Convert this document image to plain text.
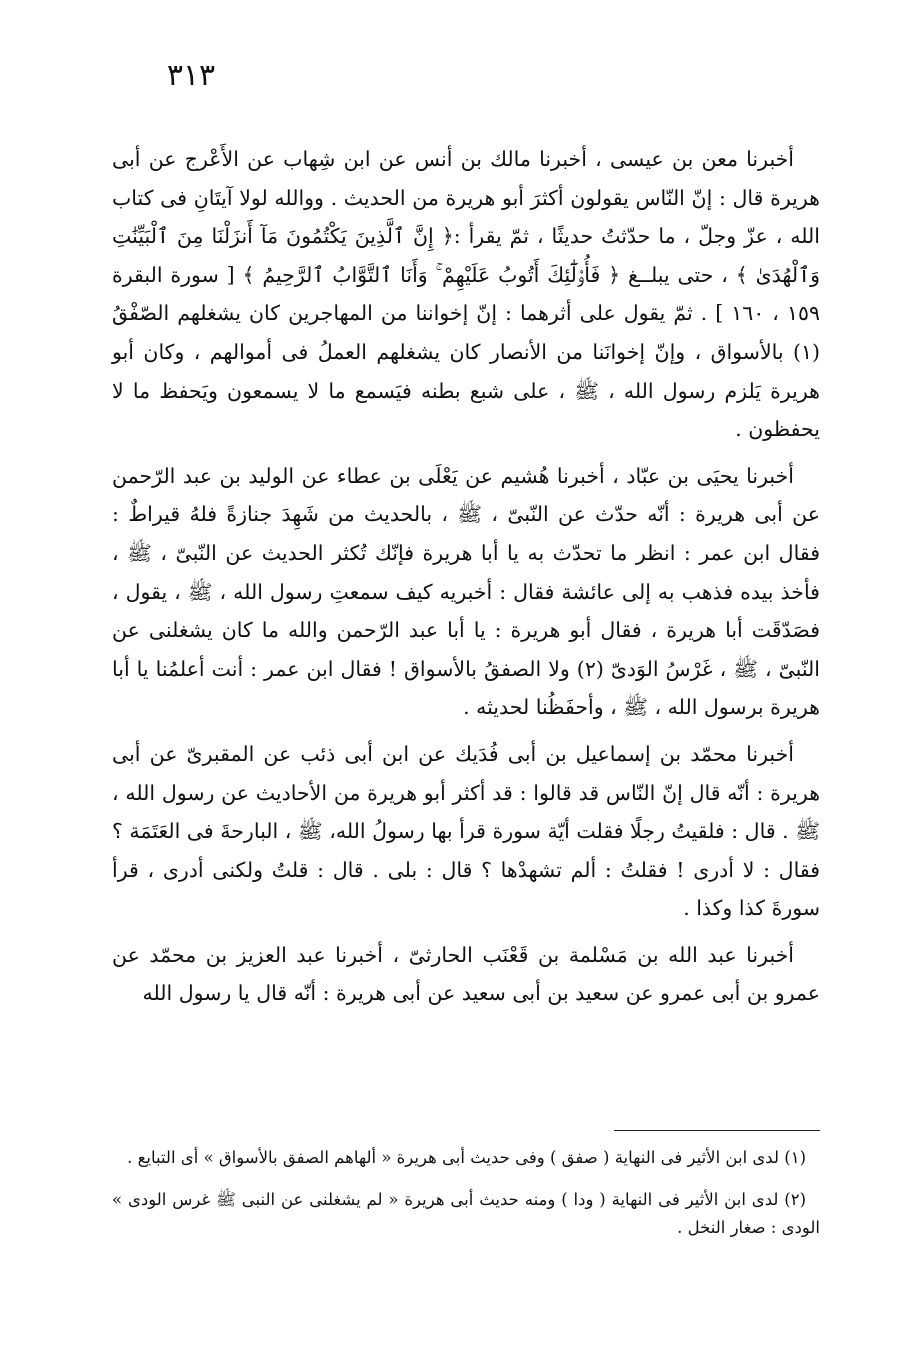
٣١٣

أخبرنا معن بن عيسى ، أخبرنا مالك بن أنس عن ابن شِهاب عن الأَعْرج عن أبى هريرة قال : إنّ النّاس يقولون أكثرَ أبو هريرة من الحديث . ووالله لولا آيتَانِ فى كتاب الله ، عزّ وجلّ ، ما حدّثتُ حديثًا ، ثمّ يقرأ :﴿ إِنَّ ٱلَّذِينَ يَكْتُمُونَ مَآ أَنزَلْنَا مِنَ ٱلْبَيِّنَٰتِ وَٱلْهُدَىٰ ﴾ ، حتى يبلــغ ﴿ فَأُو۟لَٰٓئِكَ أَتُوبُ عَلَيْهِمْ ۚ وَأَنَا ٱلتَّوَّابُ ٱلرَّحِيمُ ﴾ [ سورة البقرة ١٥٩ ، ١٦٠ ] . ثمّ يقول على أثرهما : إنّ إخواننا من المهاجرين كان يشغلهم الصّفْقُ (١) بالأسواق ، وإنّ إخوانَنا من الأنصار كان يشغلهم العملُ فى أموالهم ، وكان أبو هريرة يَلزم رسول الله ، ﷺ ، على شبع بطنه فيَسمع ما لا يسمعون ويَحفظ ما لا يحفظون .

أخبرنا يحيَى بن عبّاد ، أخبرنا هُشيم عن يَعْلَى بن عطاء عن الوليد بن عبد الرّحمن عن أبى هريرة : أنّه حدّث عن النّبىّ ، ﷺ ، بالحديث من شَهِدَ جنازةً فلهُ قيراطٌ : فقال ابن عمر : انظر ما تحدّث به يا أبا هريرة فإنّك تُكثر الحديث عن النّبىّ ، ﷺ ، فأخذ بيده فذهب به إلى عائشة فقال : أخبريه كيف سمعتِ رسول الله ، ﷺ ، يقول ، فصَدّقَت أبا هريرة ، فقال أبو هريرة : يا أبا عبد الرّحمن والله ما كان يشغلنى عن النّبىّ ، ﷺ ، غَرْسُ الوَدىّ (٢) ولا الصفقُ بالأسواق ! فقال ابن عمر : أنت أعلمُنا يا أبا هريرة برسول الله ، ﷺ ، وأحفَظُنا لحديثه .

أخبرنا محمّد بن إسماعيل بن أبى فُدَيك عن ابن أبى ذئب عن المقبرىّ عن أبى هريرة : أنّه قال إنّ النّاس قد قالوا : قد أكثر أبو هريرة من الأحاديث عن رسول الله ، ﷺ . قال : فلقيتُ رجلًا فقلت أيّة سورة قرأ بها رسولُ الله، ﷺ ، البارحةَ فى العَتَمَة ؟ فقال : لا أدرى ! فقلتُ : ألم تشهدْها ؟ قال : بلى . قال : قلتُ ولكنى أدرى ، قرأ سورةَ كذا وكذا .

أخبرنا عبد الله بن مَسْلمة بن قَعْنَب الحارثىّ ، أخبرنا عبد العزيز بن محمّد عن عمرو بن أبى عمرو عن سعيد بن أبى سعيد عن أبى هريرة : أنّه قال يا رسول الله

(١) لدى ابن الأثير فى النهاية ( صفق ) وفى حديث أبى هريرة « ألهاهم الصفق بالأسواق » أى التبايع .

(٢) لدى ابن الأثير فى النهاية ( ودا ) ومنه حديث أبى هريرة « لم يشغلنى عن النبى ﷺ غرس الودى » الودى : صغار النخل .
